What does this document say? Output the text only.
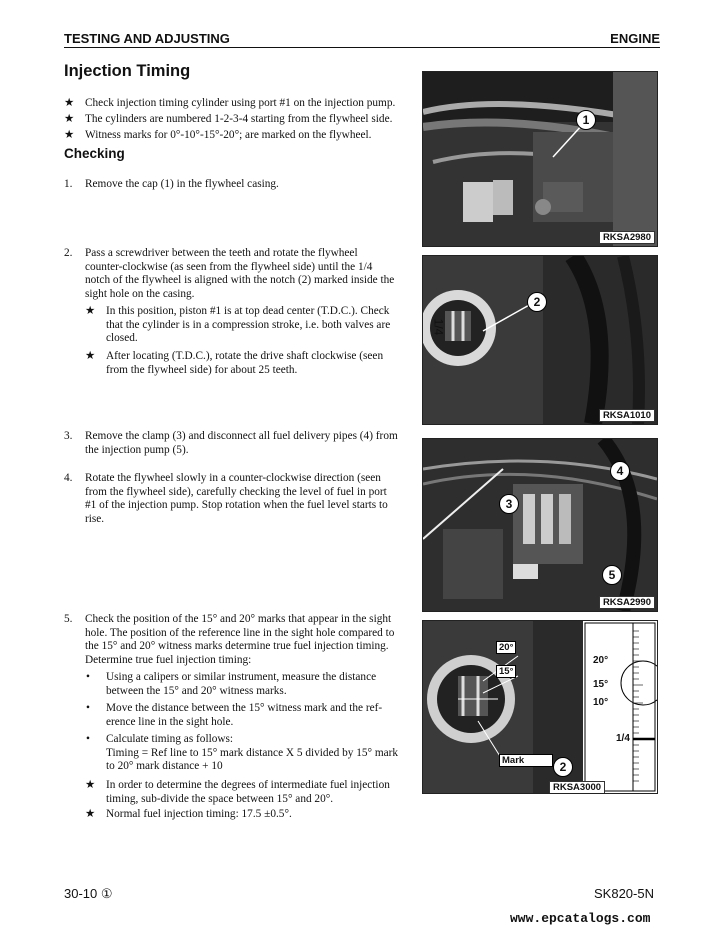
TESTING AND ADJUSTING	ENGINE
Injection Timing
★ Check injection timing cylinder using port #1 on the injection pump.
★ The cylinders are numbered 1-2-3-4 starting from the flywheel side.
★ Witness marks for 0°-10°-15°-20°; are marked on the flywheel.
Checking
1. Remove the cap (1) in the flywheel casing.
2. Pass a screwdriver between the teeth and rotate the flywheel
counter-clockwise (as seen from the flywheel side) until the 1/4
notch of the flywheel is aligned with the notch (2) marked inside the
sight hole on the casing.
★ In this position, piston #1 is at top dead center (T.D.C.). Check
that the cylinder is in a compression stroke, i.e. both valves are
closed.
★ After locating (T.D.C.), rotate the drive shaft clockwise (seen
from the flywheel side) for about 25 teeth.
3. Remove the clamp (3) and disconnect all fuel delivery pipes (4) from
the injection pump (5).
4. Rotate the flywheel slowly in a counter-clockwise direction (seen
from the flywheel side), carefully checking the level of fuel in port
#1 of the injection pump. Stop rotation when the fuel level starts to
rise.
5. Check the position of the 15° and 20° marks that appear in the sight
hole. The position of the reference line in the sight hole compared to
the 15° and 20° witness marks determine true fuel injection timing.
Determine true fuel injection timing:
• Using a calipers or similar instrument, measure the distance
between the 15° and 20° witness marks.
• Move the distance between the 15° witness mark and the ref-
erence line in the sight hole.
• Calculate timing as follows:
Timing = Ref line to 15° mark distance X 5 divided by 15° mark
to 20° mark distance + 10
★ In order to determine the degrees of intermediate fuel injection
timing, sub-divide the space between 15° and 20°.
★ Normal fuel injection timing: 17.5 ±0.5°.
1
RKSA2980
1/4
2
RKSA1010
3
4
5
RKSA2990
20°
15°
Mark	2
20°
15°
10°
1/4
RKSA3000
30-10 ①	SK820-5N
www.epcatalogs.com
